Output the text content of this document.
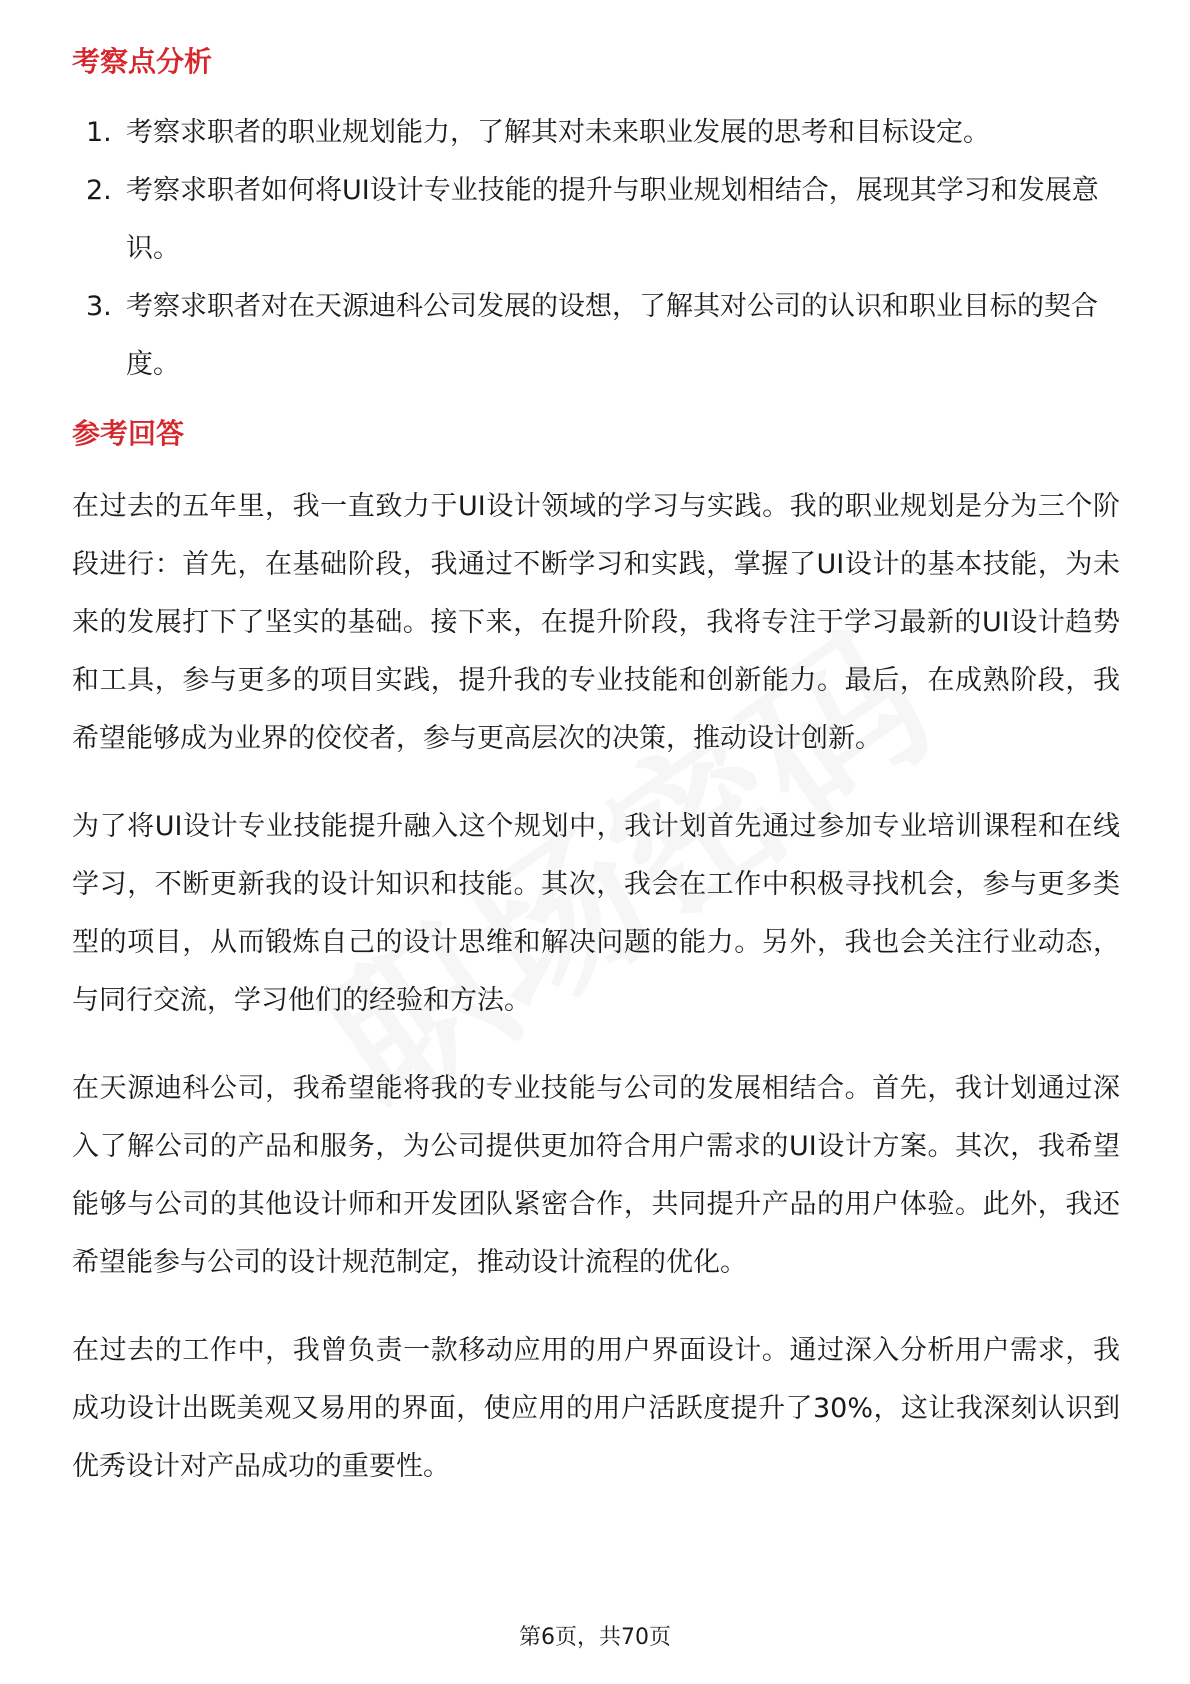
考察点分析
1. 考察求职者的职业规划能力，了解其对未来职业发展的思考和目标设定。
2. 考察求职者如何将UI设计专业技能的提升与职业规划相结合，展现其学习和发展意识。
3. 考察求职者对在天源迪科公司发展的设想，了解其对公司的认识和职业目标的契合度。
参考回答

在过去的五年里，我一直致力于UI设计领域的学习与实践。我的职业规划是分为三个阶段进行：首先，在基础阶段，我通过不断学习和实践，掌握了UI设计的基本技能，为未来的发展打下了坚实的基础。接下来，在提升阶段，我将专注于学习最新的UI设计趋势和工具，参与更多的项目实践，提升我的专业技能和创新能力。最后，在成熟阶段，我希望能够成为业界的佼佼者，参与更高层次的决策，推动设计创新。

为了将UI设计专业技能提升融入这个规划中，我计划首先通过参加专业培训课程和在线学习，不断更新我的设计知识和技能。其次，我会在工作中积极寻找机会，参与更多类型的项目，从而锻炼自己的设计思维和解决问题的能力。另外，我也会关注行业动态，与同行交流，学习他们的经验和方法。

在天源迪科公司，我希望能将我的专业技能与公司的发展相结合。首先，我计划通过深入了解公司的产品和服务，为公司提供更加符合用户需求的UI设计方案。其次，我希望能够与公司的其他设计师和开发团队紧密合作，共同提升产品的用户体验。此外，我还希望能参与公司的设计规范制定，推动设计流程的优化。

在过去的工作中，我曾负责一款移动应用的用户界面设计。通过深入分析用户需求，我成功设计出既美观又易用的界面，使应用的用户活跃度提升了30%，这让我深刻认识到优秀设计对产品成功的重要性。

第6页，共70页
